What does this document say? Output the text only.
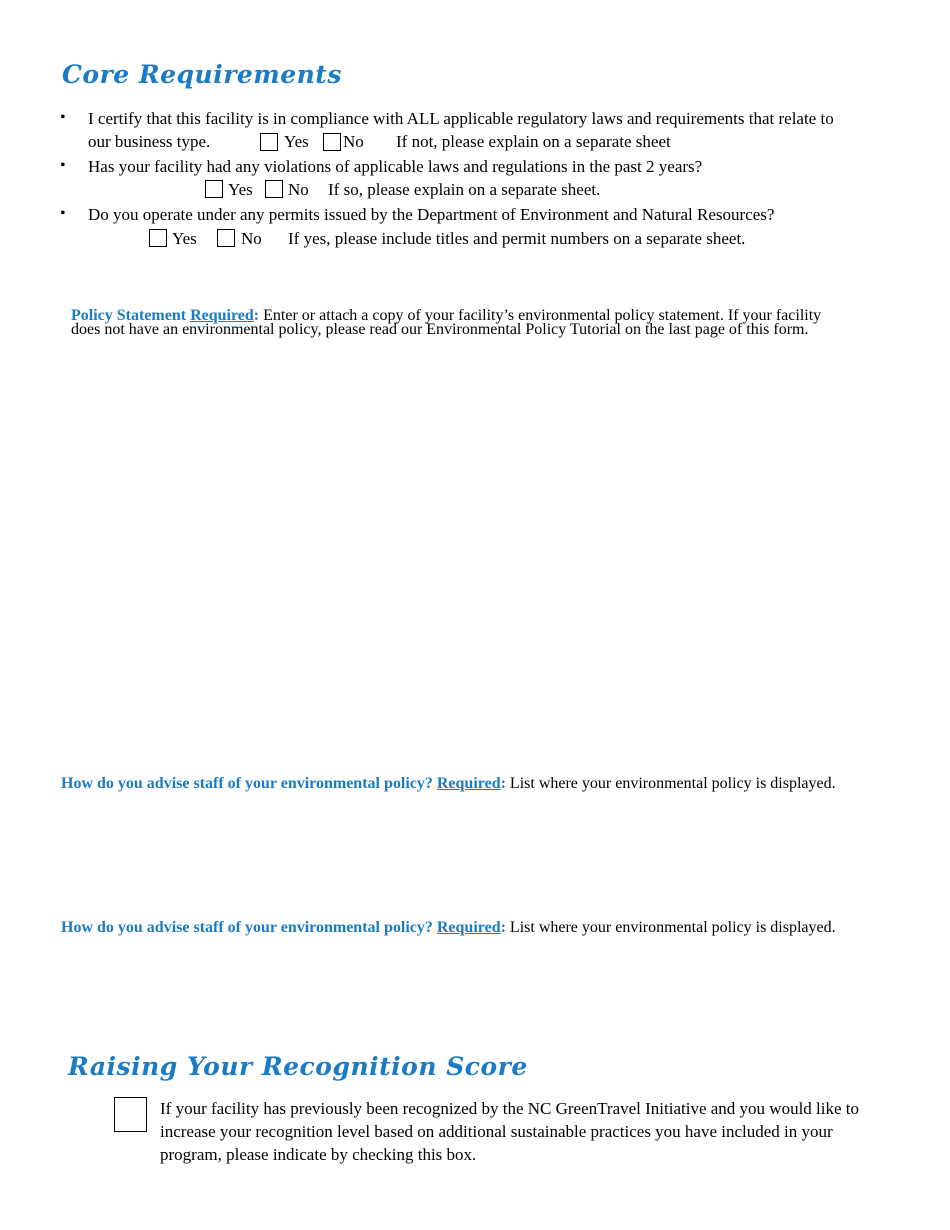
Core Requirements
• I certify that this facility is in compliance with ALL applicable regulatory laws and requirements that relate to
our business type.	Yes No If not, please explain on a separate sheet
• Has your facility had any violations of applicable laws and regulations in the past 2 years?
Yes No If so, please explain on a separate sheet.
• Do you operate under any permits issued by the Department of Environment and Natural Resources?
Yes	No If yes, please include titles and permit numbers on a separate sheet.
Policy Statement Required: Enter or attach a copy of your facility’s environmental policy statement. If your facility
does not have an environmental policy, please read our Environmental Policy Tutorial on the last page of this form.
How do you advise staff of your environmental policy? Required: List where your environmental policy is displayed.
How do you advise staff of your environmental policy? Required: List where your environmental policy is displayed.
Raising Your Recognition Score
If your facility has previously been recognized by the NC GreenTravel Initiative and you would like to
increase your recognition level based on additional sustainable practices you have included in your
program, please indicate by checking this box.
